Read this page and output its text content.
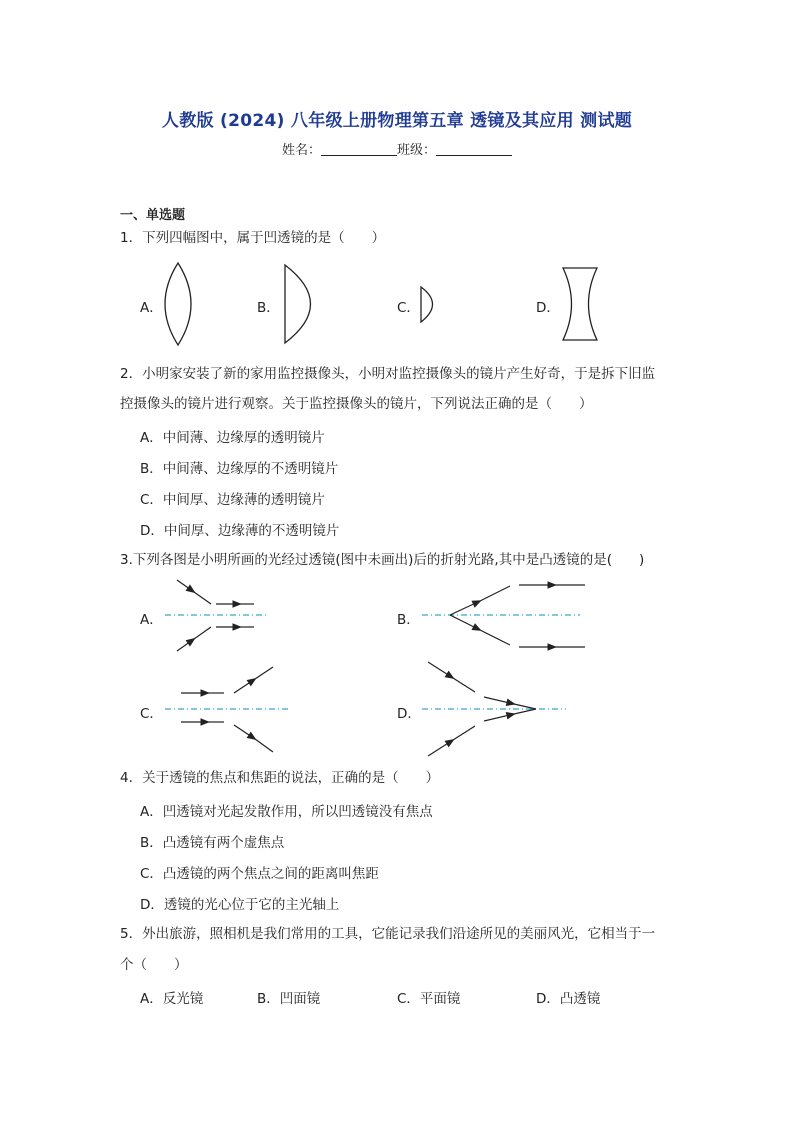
人教版 (2024) 八年级上册物理第五章 透镜及其应用 测试题
姓名：	班级：
一、单选题
1．下列四幅图中，属于凹透镜的是（　　）
A．	B．	C．	D．
2．小明家安装了新的家用监控摄像头，小明对监控摄像头的镜片产生好奇，于是拆下旧监
控摄像头的镜片进行观察。关于监控摄像头的镜片，下列说法正确的是（　　）
A．中间薄、边缘厚的透明镜片
B．中间薄、边缘厚的不透明镜片
C．中间厚、边缘薄的透明镜片
D．中间厚、边缘薄的不透明镜片
3.下列各图是小明所画的光经过透镜(图中未画出)后的折射光路,其中是凸透镜的是(　　)
A．	B．
C．	D．
4．关于透镜的焦点和焦距的说法，正确的是（　　）
A．凹透镜对光起发散作用，所以凹透镜没有焦点
B．凸透镜有两个虚焦点
C．凸透镜的两个焦点之间的距离叫焦距
D．透镜的光心位于它的主光轴上
5．外出旅游，照相机是我们常用的工具，它能记录我们沿途所见的美丽风光，它相当于一
个（　　）
A．反光镜	B．凹面镜	C．平面镜	D．凸透镜
